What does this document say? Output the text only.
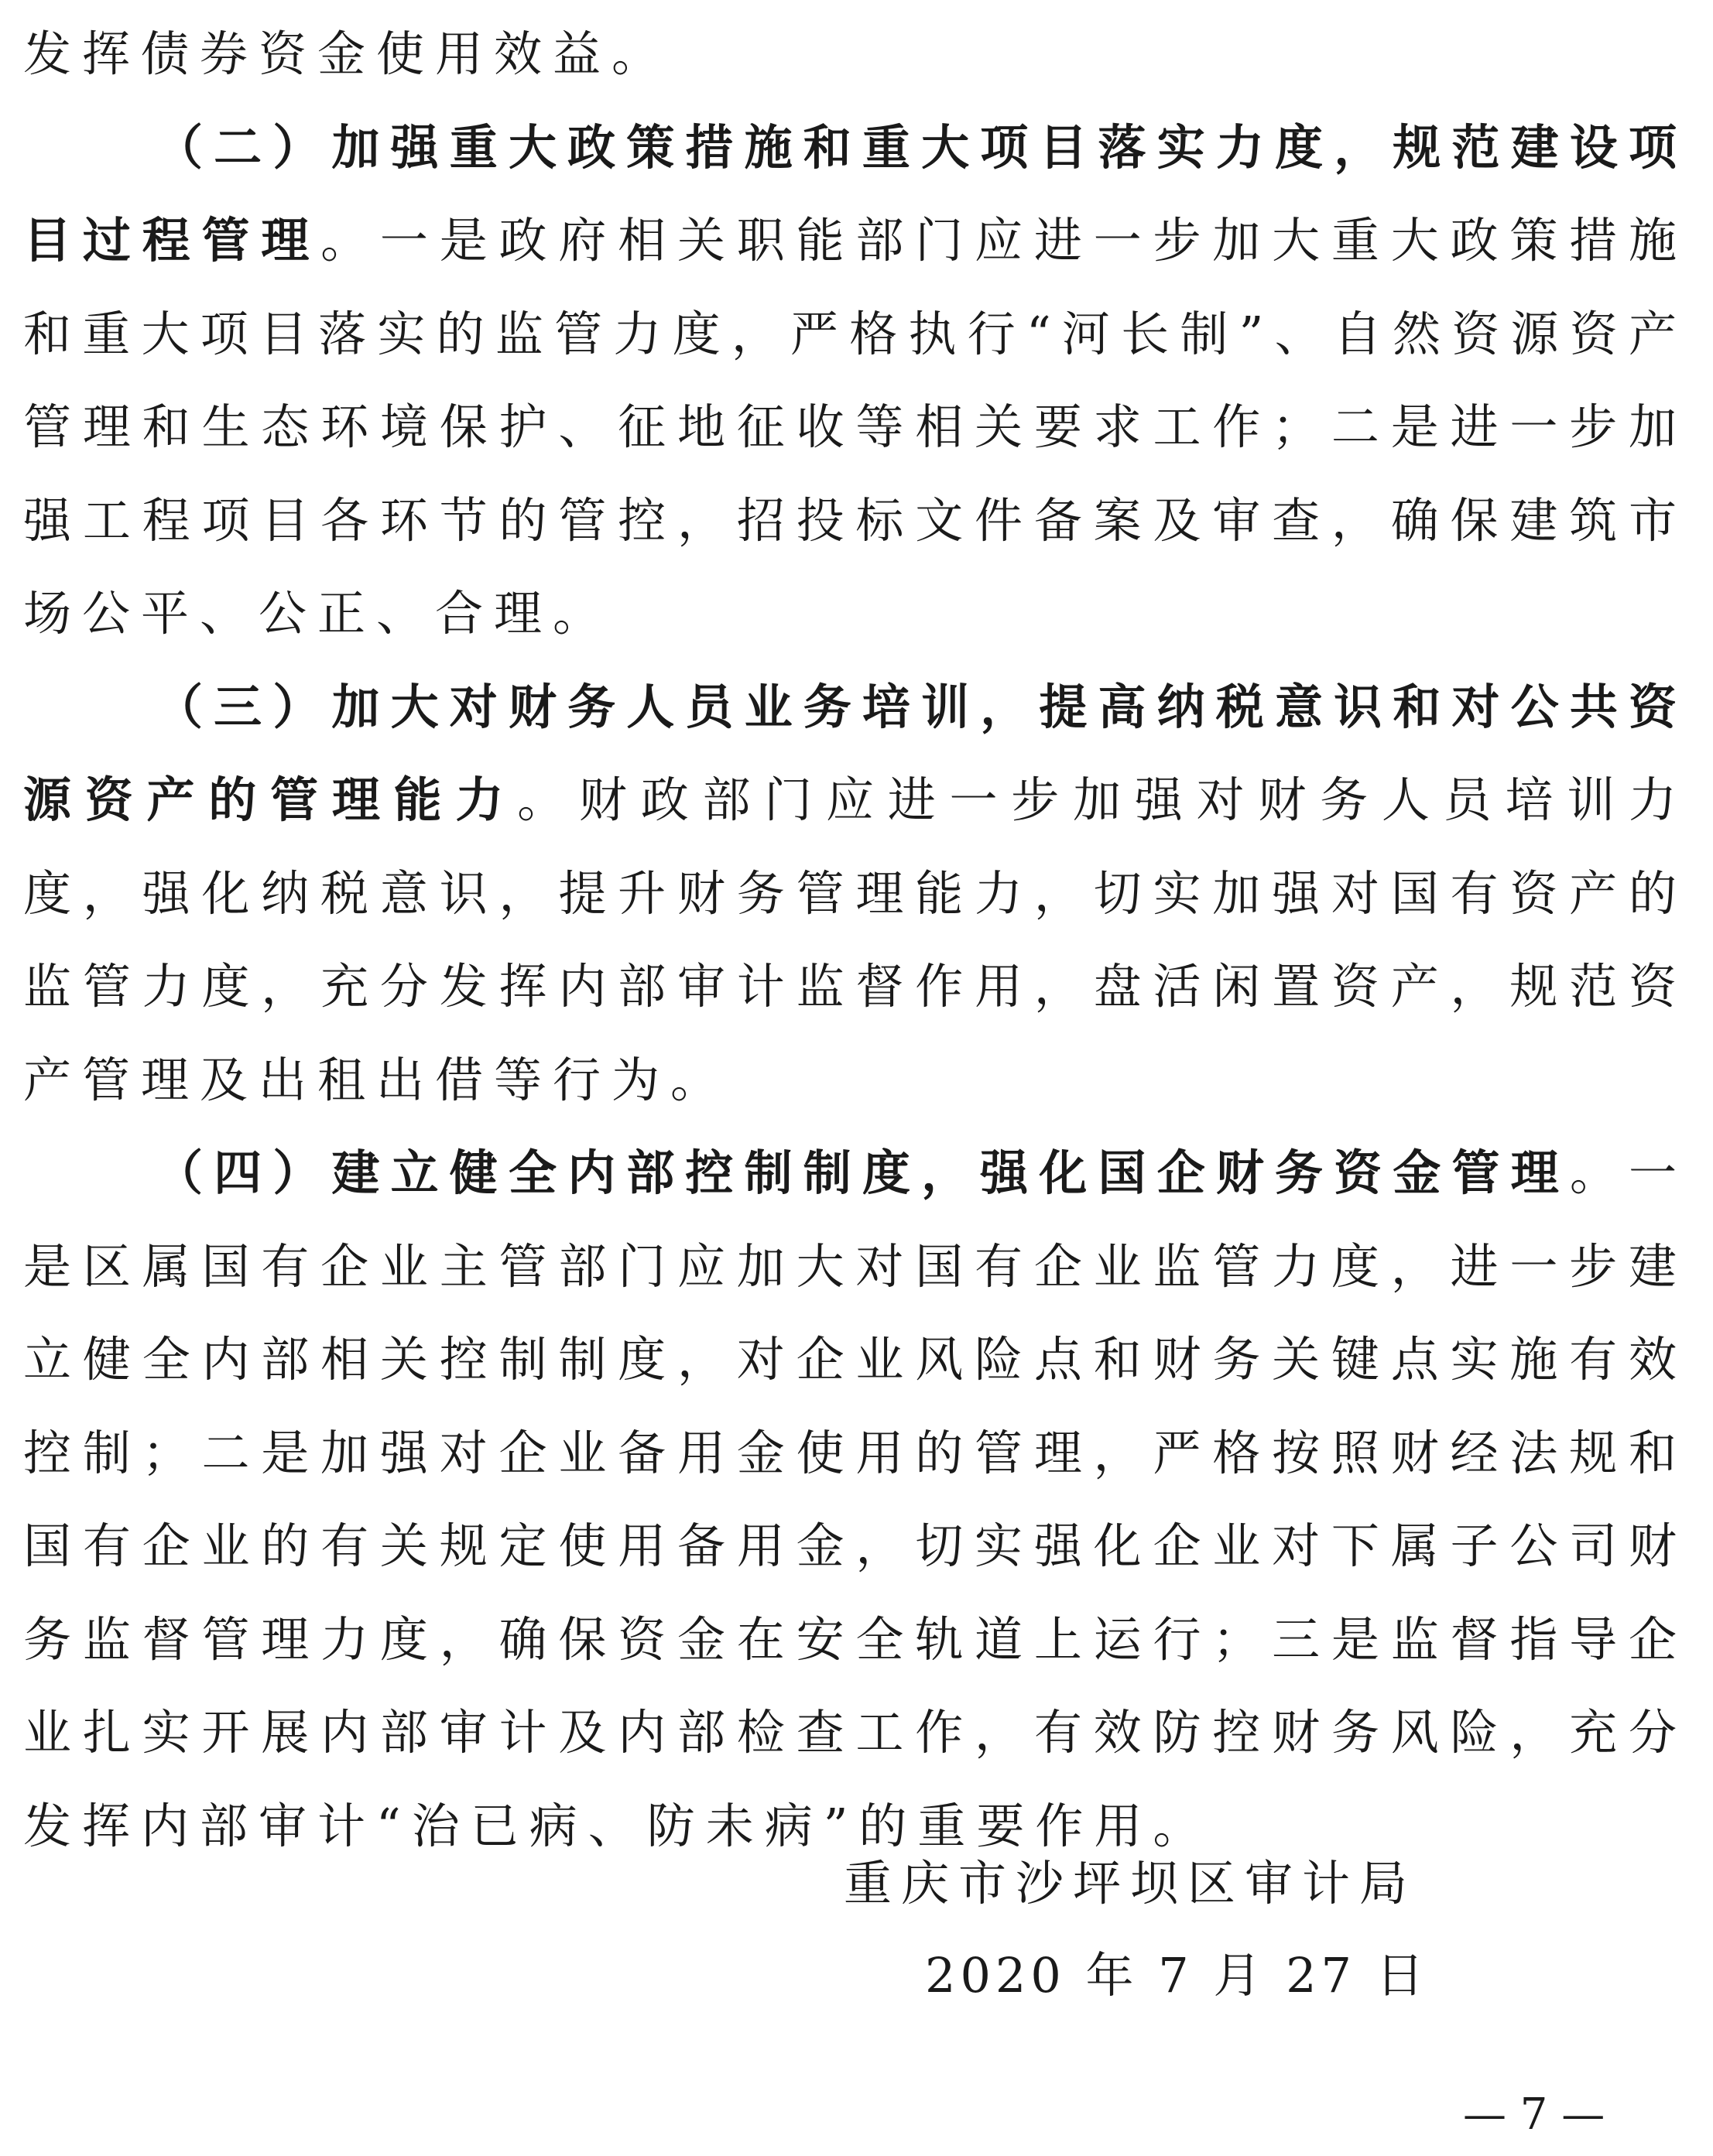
发挥债券资金使用效益。

（二）加强重大政策措施和重大项目落实力度，规范建设项目过程管理。一是政府相关职能部门应进一步加大重大政策措施和重大项目落实的监管力度，严格执行“河长制”、自然资源资产管理和生态环境保护、征地征收等相关要求工作；二是进一步加强工程项目各环节的管控，招投标文件备案及审查，确保建筑市场公平、公正、合理。

（三）加大对财务人员业务培训，提高纳税意识和对公共资源资产的管理能力。财政部门应进一步加强对财务人员培训力度，强化纳税意识，提升财务管理能力，切实加强对国有资产的监管力度，充分发挥内部审计监督作用，盘活闲置资产，规范资产管理及出租出借等行为。

（四）建立健全内部控制制度，强化国企财务资金管理。一是区属国有企业主管部门应加大对国有企业监管力度，进一步建立健全内部相关控制制度，对企业风险点和财务关键点实施有效控制；二是加强对企业备用金使用的管理，严格按照财经法规和国有企业的有关规定使用备用金，切实强化企业对下属子公司财务监督管理力度，确保资金在安全轨道上运行；三是监督指导企业扎实开展内部审计及内部检查工作，有效防控财务风险，充分发挥内部审计“治已病、防未病”的重要作用。

重庆市沙坪坝区审计局
2020 年 7 月 27 日
— 7 —
